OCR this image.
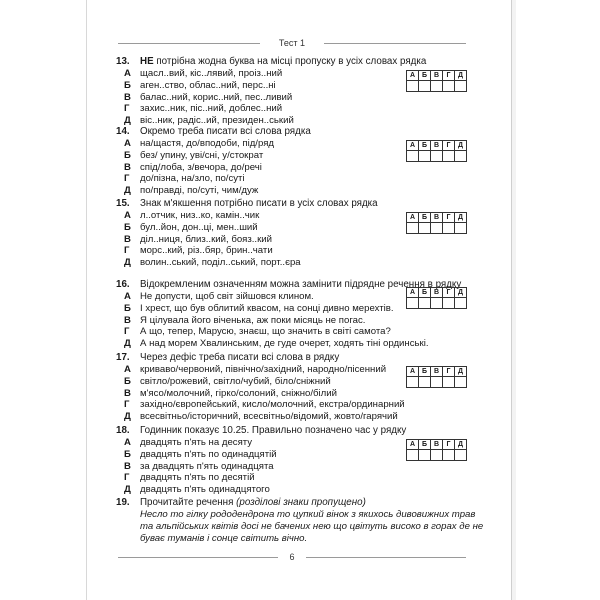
Тест 1
13. НЕ потрібна жодна буква на місці пропуску в усіх словах рядка
А щасл..вий, кіс..лявий, проіз..ний
Б аген..ство, облас..ний, перс..ні
В балас..ний, корис..ний, пес..ливий
Г захис..ник, піс..ний, доблес..ний
Д віс..ник, радіс..ий, президен..ський
А	Б	В	Г	Д

14. Окремо треба писати всі слова рядка
А на/щастя, до/вподоби, під/ряд
Б без/ упину, уві/сні, у/стократ
В спід/лоба, з/вечора, до/речі
Г до/пізна, на/зло, по/суті
Д по/правді, по/суті, чим/дуж
А	Б	В	Г	Д

15. Знак м'якшення потрібно писати в усіх словах рядка
А л..отчик, низ..ко, камін..чик
Б бул..йон, дон..ці, мен..ший
В діл..ниця, близ..кий, бояз..кий
Г морс..кий, різ..бяр, брин..чати
Д волин..ський, поділ..ський, порт..єра
А	Б	В	Г	Д

16. Відокремленим означенням можна замінити підрядне речення в рядку
А Не допусти, щоб світ зійшовся клином.
Б І хрест, що був облитий квасом, на сонці дивно мерехтів.
В Я цілувала його віченька, аж поки місяць не погас.
Г А що, тепер, Марусю, знаєш, що значить в світі самота?
Д А над морем Хвалинським, де гуде очерет, ходять тіні ординські.
А	Б	В	Г	Д

17. Через дефіс треба писати всі слова в рядку
А криваво/червоний, північно/західний, народно/пісенний
Б світло/рожевий, світло/чубий, біло/сніжний
В м'ясо/молочний, гірко/солоний, сніжно/білий
Г західно/європейський, кисло/молочний, екстра/ординарний
Д всесвітньо/історичний, всесвітньо/відомий, жовто/гарячий
А	Б	В	Г	Д

18. Годинник показує 10.25. Правильно позначено час у рядку
А двадцять п'ять на десяту
Б двадцять п'ять по одинадцятій
В за двадцять п'ять одинадцята
Г двадцять п'ять по десятій
Д двадцять п'ять одинадцятого
А	Б	В	Г	Д

19. Прочитайте речення (розділові знаки пропущено)
Несло то гілку рододендрона то цупкий вінок з якихось дивовижних трав
та альпійських квітів досі не бачених нею що цвітуть високо в горах де не
буває туманів і сонце світить вічно.
6
